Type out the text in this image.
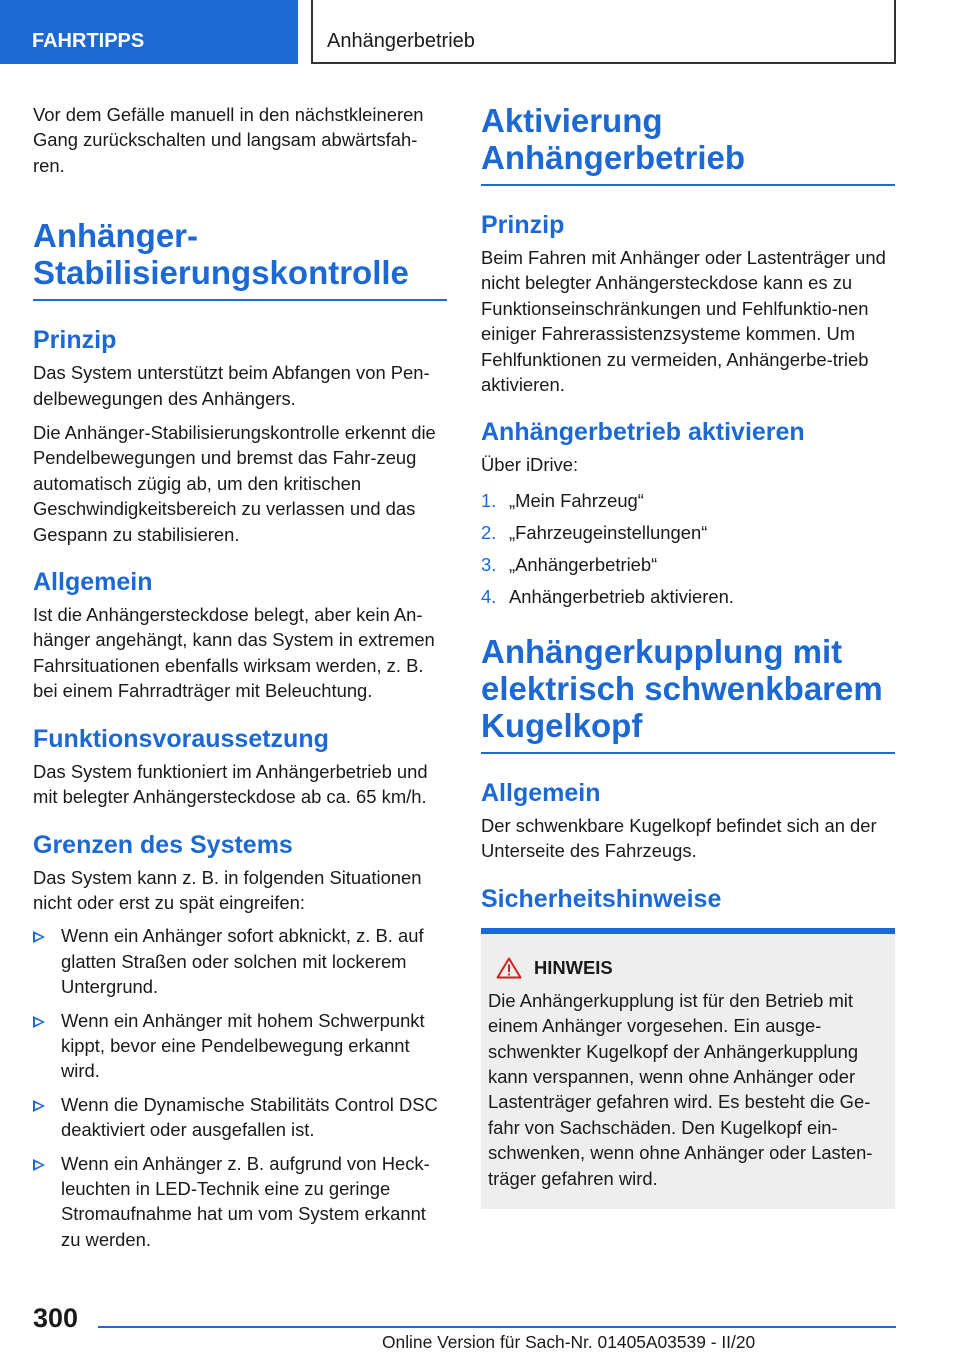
FAHRTIPPS	Anhängerbetrieb

Vor dem Gefälle manuell in den nächstkleineren Gang zurückschalten und langsam abwärtsfah-ren.

Anhänger-Stabilisierungskontrolle
Prinzip

Das System unterstützt beim Abfangen von Pen-delbewegungen des Anhängers.

Die Anhänger-Stabilisierungskontrolle erkennt die Pendelbewegungen und bremst das Fahr-zeug automatisch zügig ab, um den kritischen Geschwindigkeitsbereich zu verlassen und das Gespann zu stabilisieren.

Allgemein

Ist die Anhängersteckdose belegt, aber kein An-hänger angehängt, kann das System in extremen Fahrsituationen ebenfalls wirksam werden, z. B. bei einem Fahrradträger mit Beleuchtung.

Funktionsvoraussetzung

Das System funktioniert im Anhängerbetrieb und mit belegter Anhängersteckdose ab ca. 65 km/h.

Grenzen des Systems

Das System kann z. B. in folgenden Situationen nicht oder erst zu spät eingreifen:

Wenn ein Anhänger sofort abknickt, z. B. auf glatten Straßen oder solchen mit lockerem Untergrund.
Wenn ein Anhänger mit hohem Schwerpunkt kippt, bevor eine Pendelbewegung erkannt wird.
Wenn die Dynamische Stabilitäts Control DSC deaktiviert oder ausgefallen ist.
Wenn ein Anhänger z. B. aufgrund von Heck-leuchten in LED-Technik eine zu geringe Stromaufnahme hat um vom System erkannt zu werden.
Aktivierung Anhängerbetrieb
Prinzip

Beim Fahren mit Anhänger oder Lastenträger und nicht belegter Anhängersteckdose kann es zu Funktionseinschränkungen und Fehlfunktio-nen einiger Fahrerassistenzsysteme kommen. Um Fehlfunktionen zu vermeiden, Anhängerbe-trieb aktivieren.

Anhängerbetrieb aktivieren

Über iDrive:

1. „Mein Fahrzeug“
2. „Fahrzeugeinstellungen“
3. „Anhängerbetrieb“
4. Anhängerbetrieb aktivieren.
Anhängerkupplung mit elektrisch schwenkbarem Kugelkopf
Allgemein

Der schwenkbare Kugelkopf befindet sich an der Unterseite des Fahrzeugs.

Sicherheitshinweise
HINWEIS

Die Anhängerkupplung ist für den Betrieb mit einem Anhänger vorgesehen. Ein ausge-schwenkter Kugelkopf der Anhängerkupplung kann verspannen, wenn ohne Anhänger oder Lastenträger gefahren wird. Es besteht die Ge-fahr von Sachschäden. Den Kugelkopf ein-schwenken, wenn ohne Anhänger oder Lasten-träger gefahren wird.

300
Online Version für Sach-Nr. 01405A03539 - II/20
